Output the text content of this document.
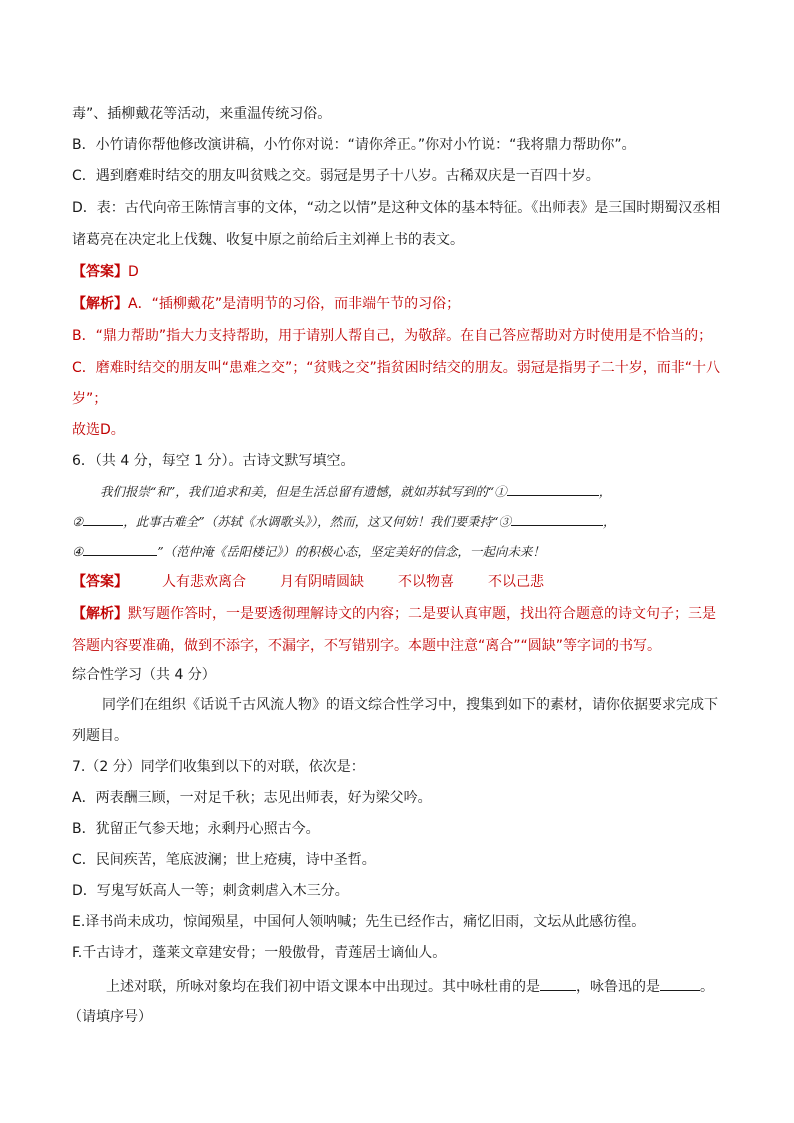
毒”、插柳戴花等活动，来重温传统习俗。
B．小竹请你帮他修改演讲稿，小竹你对说：“请你斧正。”你对小竹说：“我将鼎力帮助你”。
C．遇到磨难时结交的朋友叫贫贱之交。弱冠是男子十八岁。古稀双庆是一百四十岁。
D．表：古代向帝王陈情言事的文体，“动之以情”是这种文体的基本特征。《出师表》是三国时期蜀汉丞相
诸葛亮在决定北上伐魏、收复中原之前给后主刘禅上书的表文。
【答案】D
【解析】A．“插柳戴花”是清明节的习俗，而非端午节的习俗；
B．“鼎力帮助”指大力支持帮助，用于请别人帮自己，为敬辞。在自己答应帮助对方时使用是不恰当的；
C．磨难时结交的朋友叫“患难之交”；“贫贱之交”指贫困时结交的朋友。弱冠是指男子二十岁，而非“十八
岁”；
故选D。
6．（共 4 分，每空 1 分）。古诗文默写填空。
我们报崇“和”，我们追求和美，但是生活总留有遗憾，就如苏轼写到的“①	，
②	，此事古难全”（苏轼《水调歌头》），然而，这又何妨！我们要秉持“③	，
④	”（范仲淹《岳阳楼记》）的积极心态，坚定美好的信念，一起向未来！
【答案】 人有悲欢离合 月有阴晴圆缺 不以物喜 不以己悲
【解析】默写题作答时，一是要透彻理解诗文的内容；二是要认真审题，找出符合题意的诗文句子；三是
答题内容要准确，做到不添字，不漏字，不写错别字。本题中注意“离合”“圆缺”等字词的书写。
综合性学习（共 4 分）
同学们在组织《话说千古风流人物》的语文综合性学习中，搜集到如下的素材，请你依据要求完成下
列题目。
7.（2 分）同学们收集到以下的对联，依次是：
A．两表酬三顾，一对足千秋；志见出师表，好为梁父吟。
B．犹留正气参天地；永剩丹心照古今。
C．民间疾苦，笔底波澜；世上疮痍，诗中圣哲。
D．写鬼写妖高人一等；刺贪刺虐入木三分。
E.译书尚未成功，惊闻殒星，中国何人领呐喊；先生已经作古，痛忆旧雨，文坛从此感彷徨。
F.千古诗才，蓬莱文章建安骨；一般傲骨，青莲居士谪仙人。
上述对联，所咏对象均在我们初中语文课本中出现过。其中咏杜甫的是	，咏鲁迅的是	。
（请填序号）
